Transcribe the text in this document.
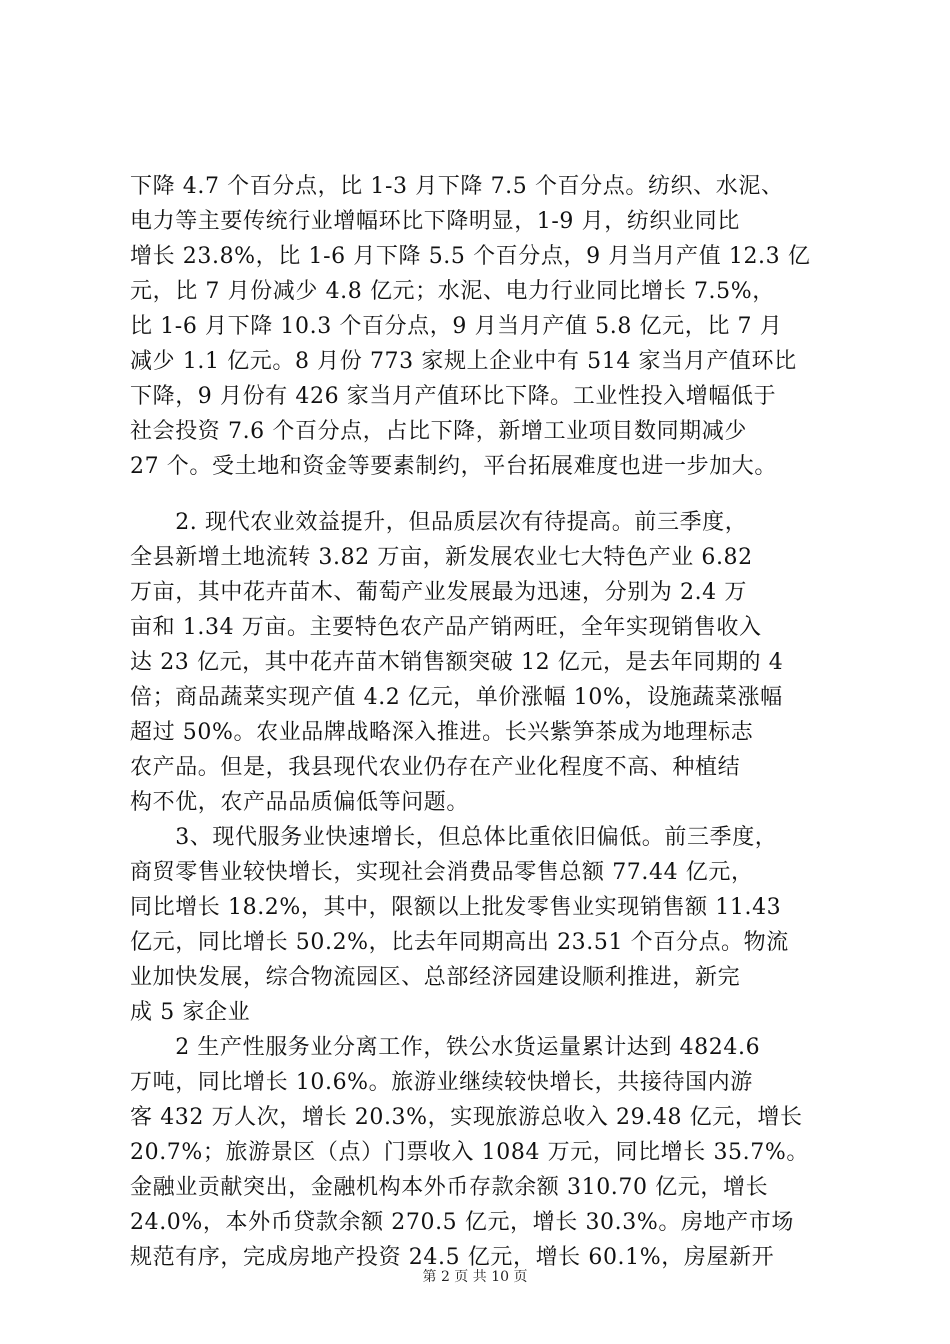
下降 4.7 个百分点，比 1-3 月下降 7.5 个百分点。纺织、水泥、
电力等主要传统行业增幅环比下降明显，1-9 月，纺织业同比
增长 23.8%，比 1-6 月下降 5.5 个百分点，9 月当月产值 12.3 亿
元，比 7 月份减少 4.8 亿元；水泥、电力行业同比增长 7.5%，
比 1-6 月下降 10.3 个百分点，9 月当月产值 5.8 亿元，比 7 月
减少 1.1 亿元。8 月份 773 家规上企业中有 514 家当月产值环比
下降，9 月份有 426 家当月产值环比下降。工业性投入增幅低于
社会投资 7.6 个百分点，占比下降，新增工业项目数同期减少
27 个。受土地和资金等要素制约，平台拓展难度也进一步加大。
　　2. 现代农业效益提升，但品质层次有待提高。前三季度，
全县新增土地流转 3.82 万亩，新发展农业七大特色产业 6.82
万亩，其中花卉苗木、葡萄产业发展最为迅速，分别为 2.4 万
亩和 1.34 万亩。主要特色农产品产销两旺，全年实现销售收入
达 23 亿元，其中花卉苗木销售额突破 12 亿元，是去年同期的 4
倍；商品蔬菜实现产值 4.2 亿元，单价涨幅 10%，设施蔬菜涨幅
超过 50%。农业品牌战略深入推进。长兴紫笋茶成为地理标志
农产品。但是，我县现代农业仍存在产业化程度不高、种植结
构不优，农产品品质偏低等问题。
　　3、现代服务业快速增长，但总体比重依旧偏低。前三季度，
商贸零售业较快增长，实现社会消费品零售总额 77.44 亿元，
同比增长 18.2%，其中，限额以上批发零售业实现销售额 11.43
亿元，同比增长 50.2%，比去年同期高出 23.51 个百分点。物流
业加快发展，综合物流园区、总部经济园建设顺利推进，新完
成 5 家企业
　　2 生产性服务业分离工作，铁公水货运量累计达到 4824.6
万吨，同比增长 10.6%。旅游业继续较快增长，共接待国内游
客 432 万人次，增长 20.3%，实现旅游总收入 29.48 亿元，增长
20.7%；旅游景区（点）门票收入 1084 万元，同比增长 35.7%。
金融业贡献突出，金融机构本外币存款余额 310.70 亿元，增长
24.0%，本外币贷款余额 270.5 亿元，增长 30.3%。房地产市场
规范有序，完成房地产投资 24.5 亿元，增长 60.1%，房屋新开
第 2 页 共 10 页
